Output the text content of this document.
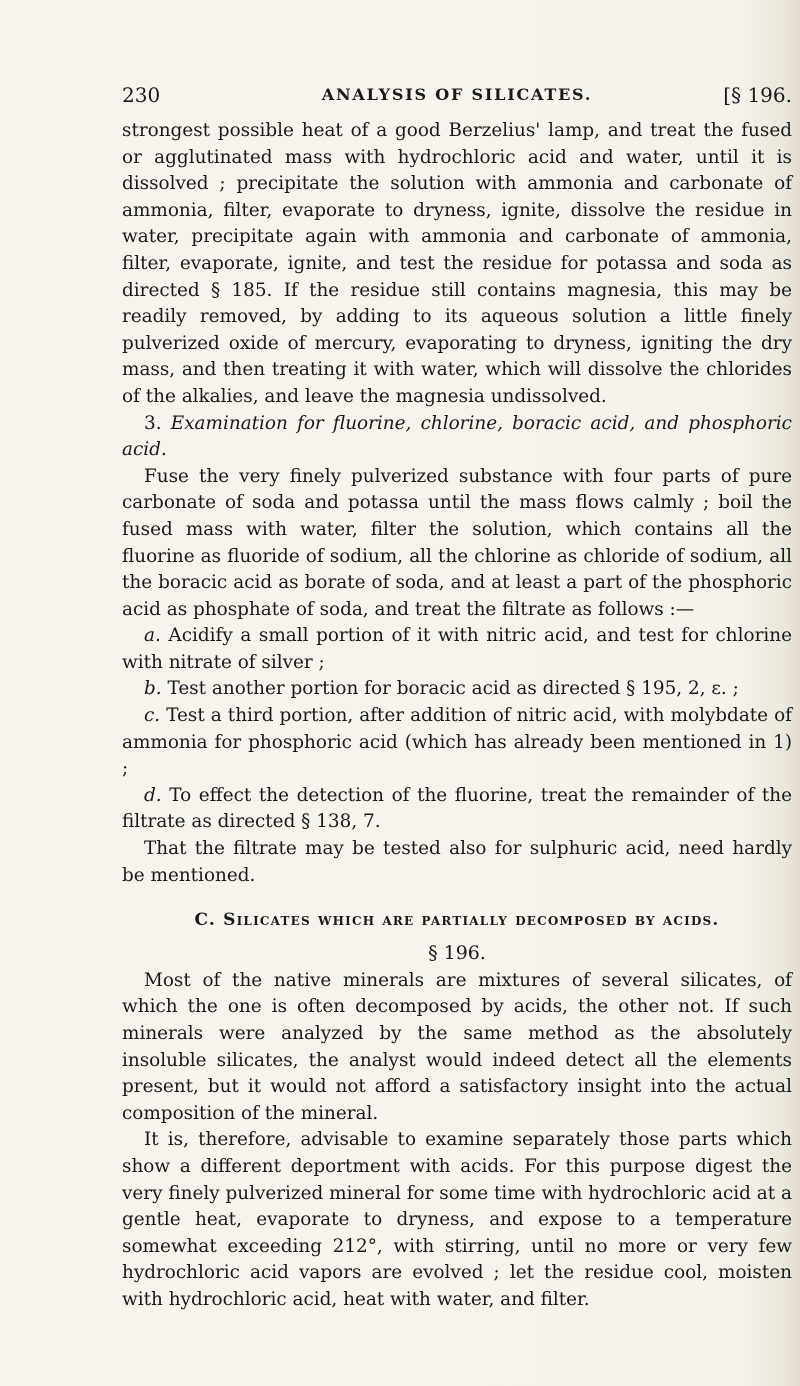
230	ANALYSIS OF SILICATES.	[§ 196.

strongest possible heat of a good Berzelius' lamp, and treat the fused or agglutinated mass with hydrochloric acid and water, until it is dissolved ; precipitate the solution with ammonia and carbonate of ammonia, filter, evaporate to dryness, ignite, dissolve the residue in water, precipitate again with ammonia and carbonate of ammonia, filter, evaporate, ignite, and test the residue for potassa and soda as directed § 185. If the residue still contains magnesia, this may be readily removed, by adding to its aqueous solution a little finely pulverized oxide of mercury, evaporating to dryness, igniting the dry mass, and then treating it with water, which will dissolve the chlorides of the alkalies, and leave the magnesia undissolved.

3. Examination for fluorine, chlorine, boracic acid, and phosphoric acid.

Fuse the very finely pulverized substance with four parts of pure carbonate of soda and potassa until the mass flows calmly ; boil the fused mass with water, filter the solution, which contains all the fluorine as fluoride of sodium, all the chlorine as chloride of sodium, all the boracic acid as borate of soda, and at least a part of the phosphoric acid as phosphate of soda, and treat the filtrate as follows :—

a. Acidify a small portion of it with nitric acid, and test for chlorine with nitrate of silver ;

b. Test another portion for boracic acid as directed § 195, 2, ε. ;

c. Test a third portion, after addition of nitric acid, with molybdate of ammonia for phosphoric acid (which has already been mentioned in 1) ;

d. To effect the detection of the fluorine, treat the remainder of the filtrate as directed § 138, 7.

That the filtrate may be tested also for sulphuric acid, need hardly be mentioned.

C. Silicates which are partially decomposed by acids.

§ 196.

Most of the native minerals are mixtures of several silicates, of which the one is often decomposed by acids, the other not. If such minerals were analyzed by the same method as the absolutely insoluble silicates, the analyst would indeed detect all the elements present, but it would not afford a satisfactory insight into the actual composition of the mineral.

It is, therefore, advisable to examine separately those parts which show a different deportment with acids. For this purpose digest the very finely pulverized mineral for some time with hydrochloric acid at a gentle heat, evaporate to dryness, and expose to a temperature somewhat exceeding 212°, with stirring, until no more or very few hydrochloric acid vapors are evolved ; let the residue cool, moisten with hydrochloric acid, heat with water, and filter.
